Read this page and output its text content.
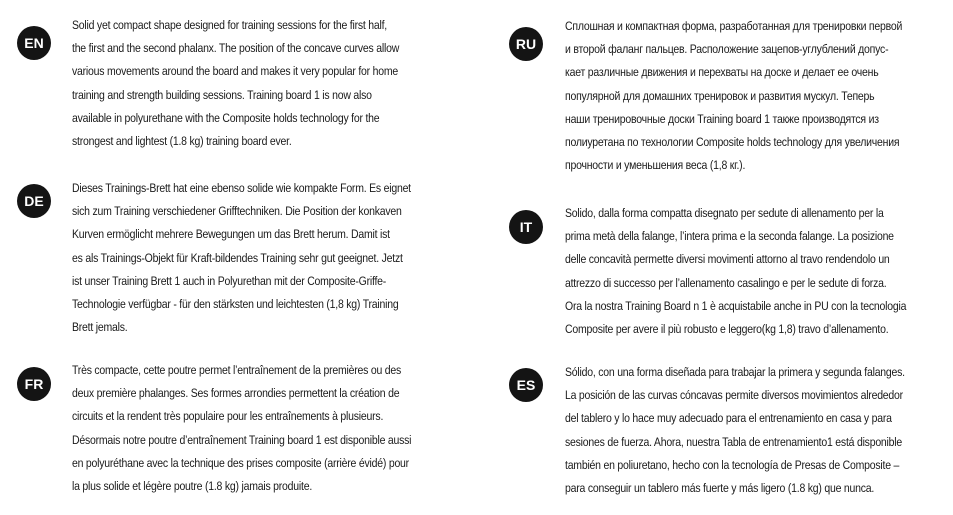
EN
Solid yet compact shape designed for training sessions for the first half,
the first and the second phalanx. The position of the concave curves allow
various movements around the board and makes it very popular for home
training and strength building sessions. Training board 1 is now also
available in polyurethane with the Composite holds technology for the
strongest and lightest (1.8 kg) training board ever.
DE
Dieses Trainings-Brett hat eine ebenso solide wie kompakte Form. Es eignet
sich zum Training verschiedener Grifftechniken. Die Position der konkaven
Kurven ermöglicht mehrere Bewegungen um das Brett herum. Damit ist
es als Trainings-Objekt für Kraft-bildendes Training sehr gut geeignet. Jetzt
ist unser Training Brett 1 auch in Polyurethan mit der Composite-Griffe-
Technologie verfügbar - für den stärksten und leichtesten (1,8 kg) Training
Brett jemals.
FR
Très compacte, cette poutre permet l’entraînement de la premières ou des
deux première phalanges. Ses formes arrondies permettent la création de
circuits et la rendent très populaire pour les entraînements à plusieurs.
Désormais notre poutre d’entraînement Training board 1 est disponible aussi
en polyuréthane avec la technique des prises composite (arrière évidé) pour
la plus solide et légère poutre (1.8 kg) jamais produite.
RU
Сплошная и компактная форма, разработанная для тренировки первой
и второй фаланг пальцев. Расположение зацепов-углублений допус-
кает различные движения и перехваты на доске и делает ее очень
популярной для домашних тренировок и развития мускул. Теперь
наши тренировочные доски Training board 1 также производятся из
полиуретана по технологии Composite holds technology для увеличения
прочности и уменьшения веса (1,8 кг.).
IT
Solido, dalla forma compatta disegnato per sedute di allenamento per la
prima metà della falange, l’intera prima e la seconda falange. La posizione
delle concavità permette diversi movimenti attorno al travo rendendolo un
attrezzo di successo per l’allenamento casalingo e per le sedute di forza.
Ora la nostra Training Board n 1 è acquistabile anche in PU con la tecnologia
Composite per avere il più robusto e leggero(kg 1,8) travo d’allenamento.
ES
Sólido, con una forma diseñada para trabajar la primera y segunda falanges.
La posición de las curvas cóncavas permite diversos movimientos alrededor
del tablero y lo hace muy adecuado para el entrenamiento en casa y para
sesiones de fuerza. Ahora, nuestra Tabla de entrenamiento1 está disponible
también en poliuretano, hecho con la tecnología de Presas de Composite –
para conseguir un tablero más fuerte y más ligero (1.8 kg) que nunca.
